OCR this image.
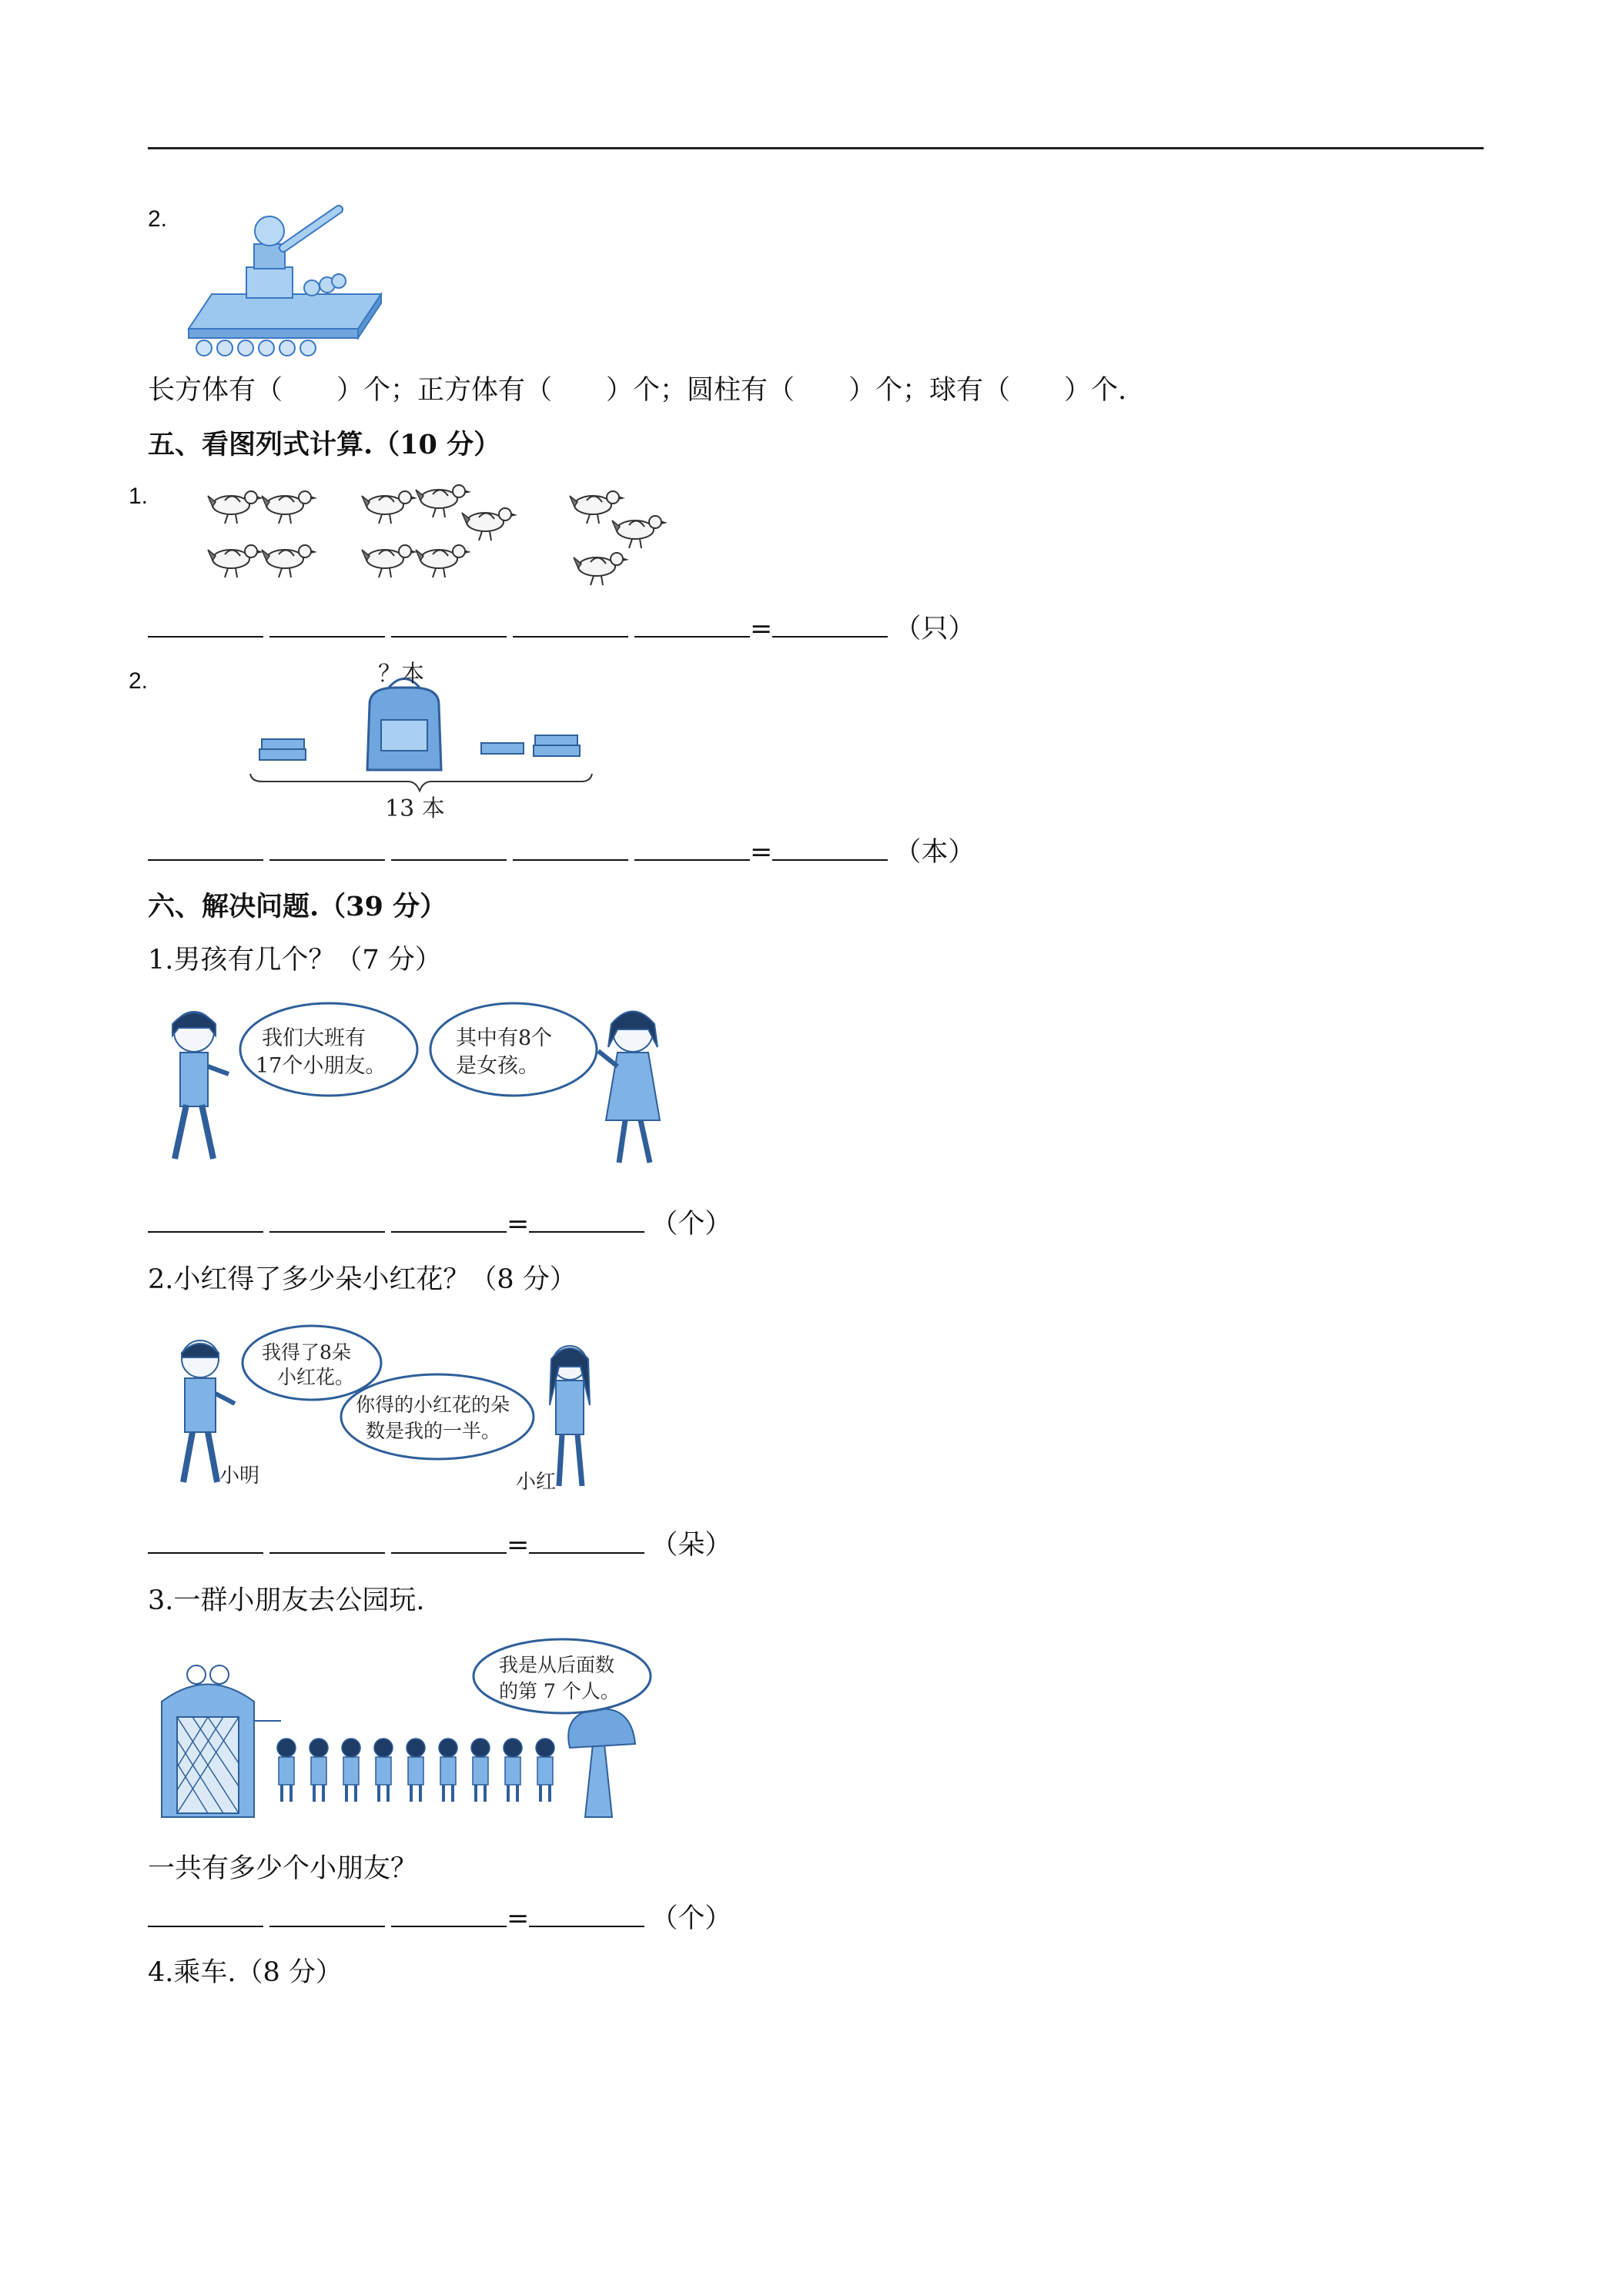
2.
长方体有（　　）个；正方体有（　　）个；圆柱有（　　）个；球有（　　）个.
五、看图列式计算.（10 分）
1.
=	（只）
2.	？本
13 本
=	（本）
六、解决问题.（39 分）
1.男孩有几个？（7 分）
我们大班有
17个小朋友。
其中有8个
是女孩。
=	（个）
2.小红得了多少朵小红花？（8 分）
我得了8朵
小红花。
你得的小红花的朵
数是我的一半。
小明	小红
=	（朵）
3.一群小朋友去公园玩.
我是从后面数
的第 7 个人。
一共有多少个小朋友？
=	（个）
4.乘车.（8 分）
